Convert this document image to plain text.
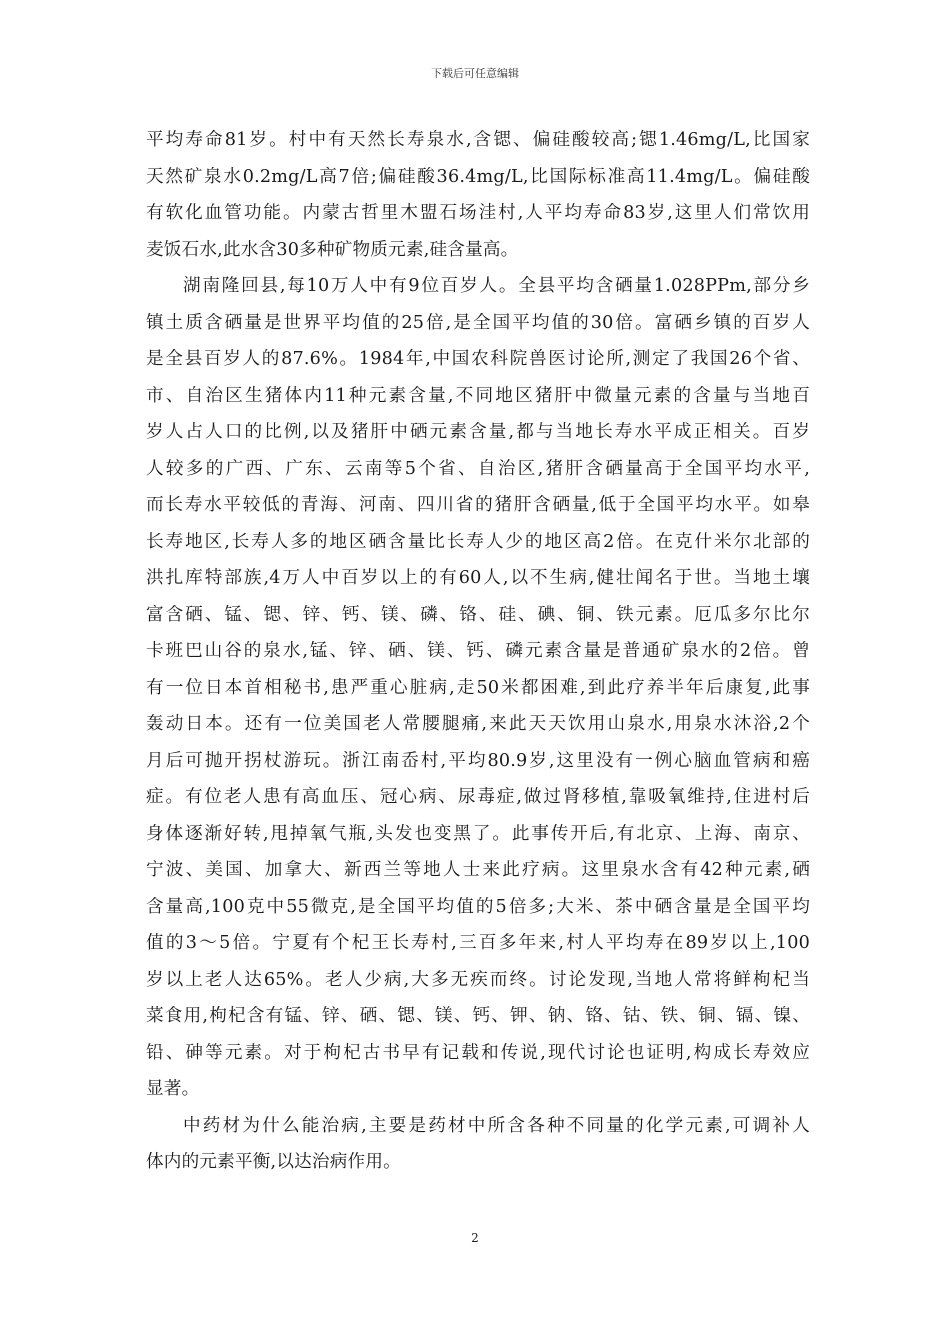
下载后可任意编辑
平均寿命81岁。村中有天然长寿泉水,含锶、偏硅酸较高;锶1.46mg/L,比国家
天然矿泉水0.2mg/L高7倍;偏硅酸36.4mg/L,比国际标准高11.4mg/L。偏硅酸
有软化血管功能。内蒙古哲里木盟石场洼村,人平均寿命83岁,这里人们常饮用
麦饭石水,此水含30多种矿物质元素,硅含量高。
湖南隆回县,每10万人中有9位百岁人。全县平均含硒量1.028PPm,部分乡
镇土质含硒量是世界平均值的25倍,是全国平均值的30倍。富硒乡镇的百岁人
是全县百岁人的87.6%。1984年,中国农科院兽医讨论所,测定了我国26个省、
市、自治区生猪体内11种元素含量,不同地区猪肝中微量元素的含量与当地百
岁人占人口的比例,以及猪肝中硒元素含量,都与当地长寿水平成正相关。百岁
人较多的广西、广东、云南等5个省、自治区,猪肝含硒量高于全国平均水平,
而长寿水平较低的青海、河南、四川省的猪肝含硒量,低于全国平均水平。如皋
长寿地区,长寿人多的地区硒含量比长寿人少的地区高2倍。在克什米尔北部的
洪扎库特部族,4万人中百岁以上的有60人,以不生病,健壮闻名于世。当地土壤
富含硒、锰、锶、锌、钙、镁、磷、铬、硅、碘、铜、铁元素。厄瓜多尔比尔
卡班巴山谷的泉水,锰、锌、硒、镁、钙、磷元素含量是普通矿泉水的2倍。曾
有一位日本首相秘书,患严重心脏病,走50米都困难,到此疗养半年后康复,此事
轰动日本。还有一位美国老人常腰腿痛,来此天天饮用山泉水,用泉水沐浴,2个
月后可抛开拐杖游玩。浙江南岙村,平均80.9岁,这里没有一例心脑血管病和癌
症。有位老人患有高血压、冠心病、尿毒症,做过肾移植,靠吸氧维持,住进村后
身体逐渐好转,甩掉氧气瓶,头发也变黑了。此事传开后,有北京、上海、南京、
宁波、美国、加拿大、新西兰等地人士来此疗病。这里泉水含有42种元素,硒
含量高,100克中55微克,是全国平均值的5倍多;大米、茶中硒含量是全国平均
值的3～5倍。宁夏有个杞王长寿村,三百多年来,村人平均寿在89岁以上,100
岁以上老人达65%。老人少病,大多无疾而终。讨论发现,当地人常将鲜枸杞当
菜食用,枸杞含有锰、锌、硒、锶、镁、钙、钾、钠、铬、钴、铁、铜、镉、镍、
铅、砷等元素。对于枸杞古书早有记载和传说,现代讨论也证明,构成长寿效应
显著。
中药材为什么能治病,主要是药材中所含各种不同量的化学元素,可调补人
体内的元素平衡,以达治病作用。
2
